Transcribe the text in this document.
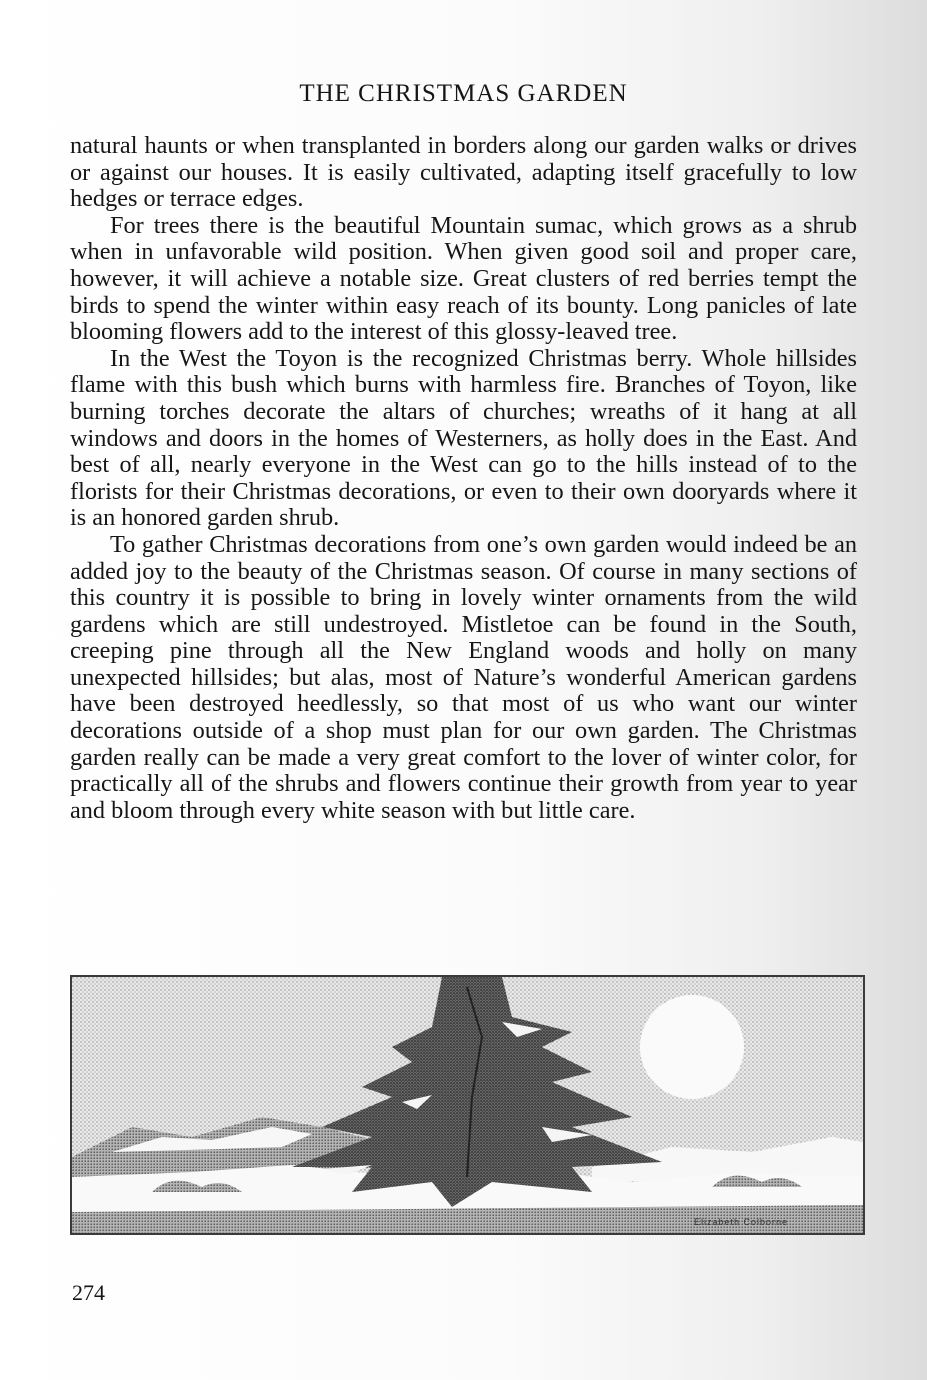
THE CHRISTMAS GARDEN

natural haunts or when transplanted in borders along our garden walks or drives or against our houses. It is easily cultivated, adapting itself gracefully to low hedges or terrace edges.

For trees there is the beautiful Mountain sumac, which grows as a shrub when in unfavorable wild position. When given good soil and proper care, however, it will achieve a notable size. Great clusters of red berries tempt the birds to spend the winter within easy reach of its bounty. Long panicles of late blooming flowers add to the interest of this glossy-leaved tree.

In the West the Toyon is the recognized Christmas berry. Whole hillsides flame with this bush which burns with harmless fire. Branches of Toyon, like burning torches decorate the altars of churches; wreaths of it hang at all windows and doors in the homes of Westerners, as holly does in the East. And best of all, nearly everyone in the West can go to the hills instead of to the florists for their Christmas decorations, or even to their own dooryards where it is an honored garden shrub.

To gather Christmas decorations from one’s own garden would indeed be an added joy to the beauty of the Christmas season. Of course in many sections of this country it is possible to bring in lovely winter ornaments from the wild gardens which are still undestroyed. Mistletoe can be found in the South, creeping pine through all the New England woods and holly on many unexpected hillsides; but alas, most of Nature’s wonderful American gardens have been destroyed heedlessly, so that most of us who want our winter decorations outside of a shop must plan for our own garden. The Christmas garden really can be made a very great comfort to the lover of winter color, for practically all of the shrubs and flowers continue their growth from year to year and bloom through every white season with but little care.

Elizabeth Colborne

274
